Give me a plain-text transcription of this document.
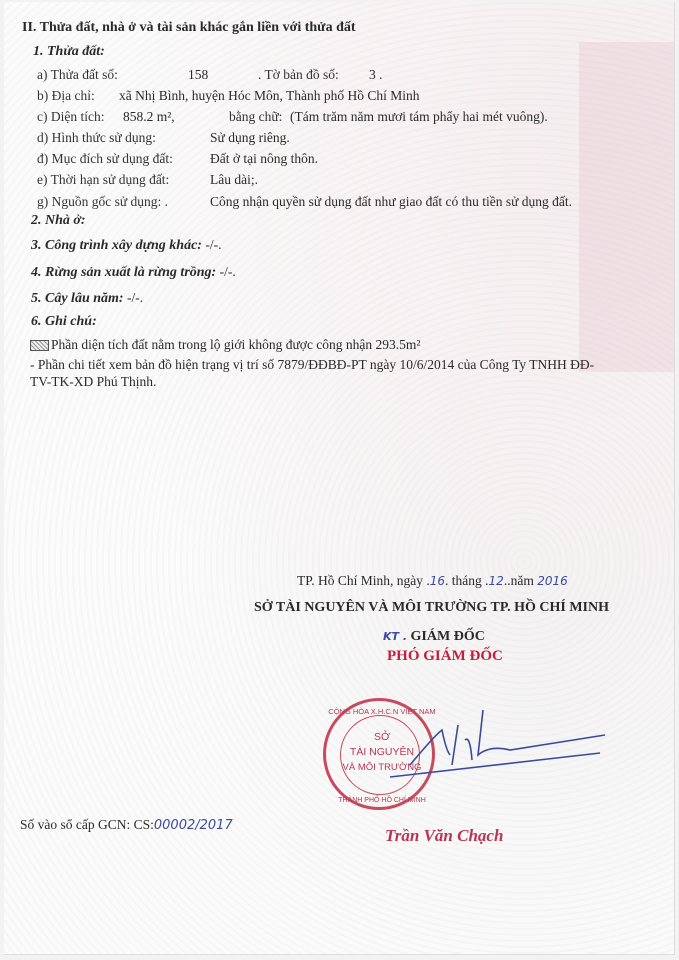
II. Thửa đất, nhà ở và tài sản khác gắn liền với thửa đất
1. Thửa đất:
a) Thửa đất số:	158	. Tờ bản đồ số: 3 .
b) Địa chỉ: xã Nhị Bình, huyện Hóc Môn, Thành phố Hồ Chí Minh
c) Diện tích: 858.2 m²,	bằng chữ: (Tám trăm năm mươi tám phẩy hai mét vuông).
d) Hình thức sử dụng:	Sử dụng riêng.
đ) Mục đích sử dụng đất:	Đất ở tại nông thôn.
e) Thời hạn sử dụng đất:	Lâu dài;.
g) Nguồn gốc sử dụng: .	Công nhận quyền sử dụng đất như giao đất có thu tiền sử dụng đất.
2. Nhà ở:
3. Công trình xây dựng khác: -/-.
4. Rừng sản xuất là rừng trồng: -/-.
5. Cây lâu năm: -/-.
6. Ghi chú:
Phần diện tích đất nằm trong lộ giới không được công nhận 293.5m²
- Phần chi tiết xem bản đồ hiện trạng vị trí số 7879/ĐĐBĐ-PT ngày 10/6/2014 của Công Ty TNHH ĐĐ-
TV-TK-XD Phú Thịnh.
TP. Hồ Chí Minh, ngày .16. tháng .12..năm 2016
SỞ TÀI NGUYÊN VÀ MÔI TRƯỜNG TP. HỒ CHÍ MINH
KT . GIÁM ĐỐC
PHÓ GIÁM ĐỐC
CỘNG HÒA X.H.C.N VIỆT NAM
SỞ
TÀI NGUYÊN
VÀ MÔI TRƯỜNG
THÀNH PHỐ HỒ CHÍ MINH
Trần Văn Chạch
Số vào sổ cấp GCN: CS:00002/2017
